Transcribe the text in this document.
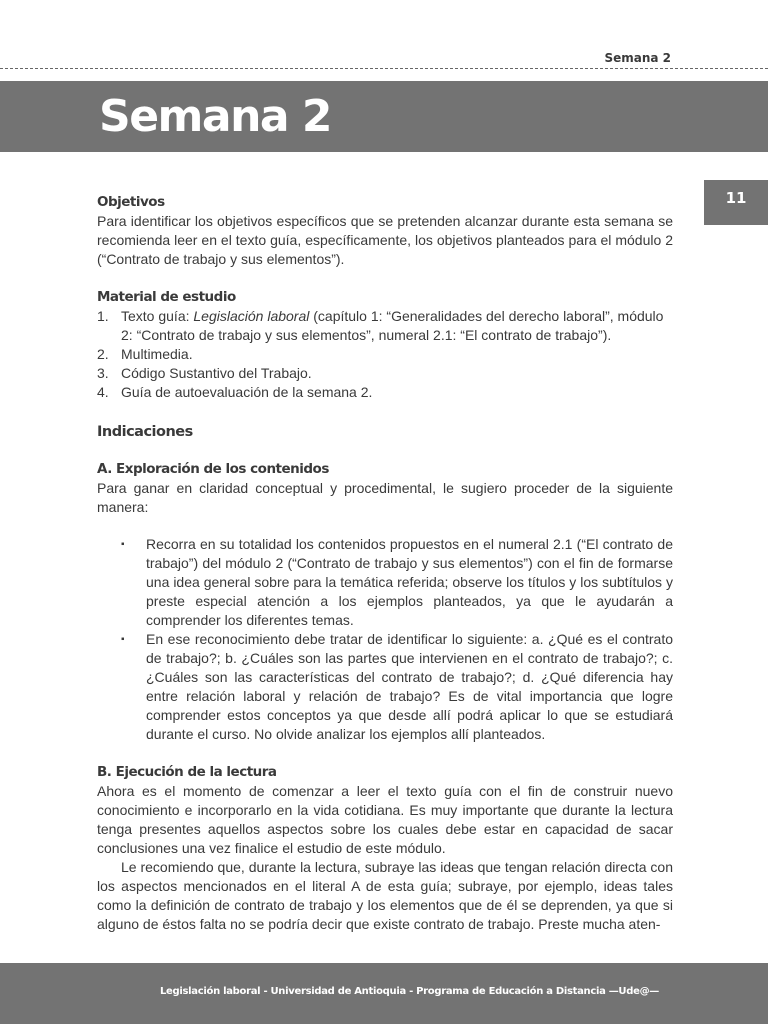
Semana 2
Semana 2
11
Objetivos

Para identificar los objetivos específicos que se pretenden alcanzar durante esta semana se recomienda leer en el texto guía, específicamente, los objetivos planteados para el módulo 2 (“Contrato de trabajo y sus elementos”).

Material de estudio
1. Texto guía: Legislación laboral (capítulo 1: “Generalidades del derecho laboral”, módulo 2: “Contrato de trabajo y sus elementos”, numeral 2.1: “El contrato de trabajo”).
2. Multimedia.
3. Código Sustantivo del Trabajo.
4. Guía de autoevaluación de la semana 2.
Indicaciones
A. Exploración de los contenidos

Para ganar en claridad conceptual y procedimental, le sugiero proceder de la siguiente manera:

▪ Recorra en su totalidad los contenidos propuestos en el numeral 2.1 (“El contrato de trabajo”) del módulo 2 (“Contrato de trabajo y sus elementos”) con el fin de formarse una idea general sobre para la temática referida; observe los títulos y los subtítulos y preste especial atención a los ejemplos planteados, ya que le ayudarán a comprender los diferentes temas.
▪ En ese reconocimiento debe tratar de identificar lo siguiente: a. ¿Qué es el contrato de trabajo?; b. ¿Cuáles son las partes que intervienen en el contrato de trabajo?; c. ¿Cuáles son las características del contrato de trabajo?; d. ¿Qué diferencia hay entre relación laboral y relación de trabajo? Es de vital importancia que logre comprender estos conceptos ya que desde allí podrá aplicar lo que se estudiará durante el curso. No olvide analizar los ejemplos allí planteados.
B. Ejecución de la lectura

Ahora es el momento de comenzar a leer el texto guía con el fin de construir nuevo conocimiento e incorporarlo en la vida cotidiana. Es muy importante que durante la lectura tenga presentes aquellos aspectos sobre los cuales debe estar en capacidad de sacar conclusiones una vez finalice el estudio de este módulo.

Le recomiendo que, durante la lectura, subraye las ideas que tengan relación directa con los aspectos mencionados en el literal A de esta guía; subraye, por ejemplo, ideas tales como la definición de contrato de trabajo y los elementos que de él se deprenden, ya que si alguno de éstos falta no se podría decir que existe contrato de trabajo. Preste mucha aten-

Legislación laboral - Universidad de Antioquia - Programa de Educación a Distancia —Ude@—
